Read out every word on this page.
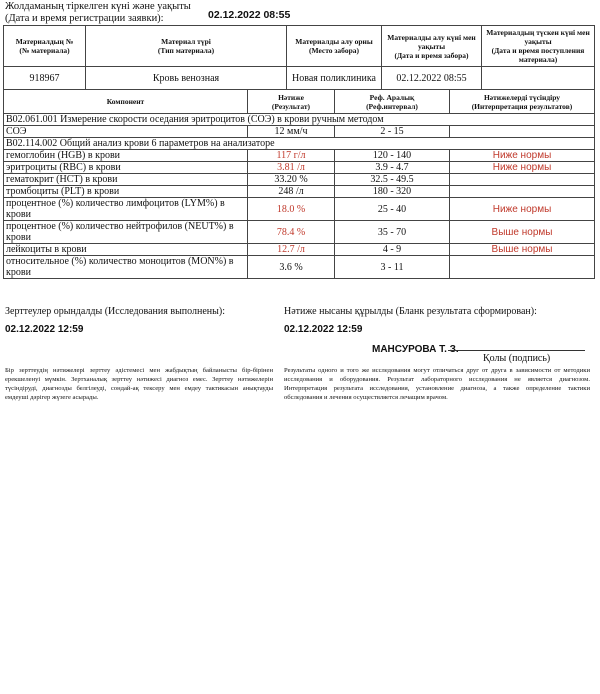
Жолдаманың тіркелген күні және уақыты
(Дата и время регистрации заявки):	02.12.2022 08:55
Материалдың №
(№ материала)	Материал түрі
(Тип материала)	Материалды алу орны
(Место забора)	Материалды алу күні мен уақыты
(Дата и время забора)	Материалдың түскен күні мен уақыты
(Дата и время поступления материала)
918967	Кровь венозная	Новая поликлиника	02.12.2022 08:55	
Компонент	Нәтиже
(Результат)	Реф. Аралық
(Реф.интервал)	Нәтижелерді түсіндіру
(Интерпретация результатов)
B02.061.001 Измерение скорости оседания эритроцитов (СОЭ) в крови ручным методом			
СОЭ	12 мм/ч	2 - 15	
B02.114.002 Общий анализ крови 6 параметров на анализаторе			
гемоглобин (HGB) в крови	117 г/л	120 - 140	Ниже нормы
эритроциты (RBC) в крови	3.81 /л	3.9 - 4.7	Ниже нормы
гематокрит (HCT) в крови	33.20 %	32.5 - 49.5	
тромбоциты (PLT) в крови	248 /л	180 - 320	
процентное (%) количество лимфоцитов (LYM%) в крови	18.0 %	25 - 40	Ниже нормы
процентное (%) количество нейтрофилов (NEUT%) в крови	78.4 %	35 - 70	Выше нормы
лейкоциты в крови	12.7 /л	4 - 9	Выше нормы
относительное (%) количество моноцитов (MON%) в крови	3.6 %	3 - 11	
Зерттеулер орындалды (Исследования выполнены):
02.12.2022 12:59
Нәтиже нысаны құрылды (Бланк результата сформирован):
02.12.2022 12:59
МАНСУРОВА Т. З.
Қолы (подпись)
Бір зерттеудің нәтижелері зерттеу әдістемесі мен жабдықтың байланысты бір-бірінен ерекшеленуі мүмкін. Зертханалық зерттеу нәтижесі диагноз емес. Зерттеу нәтижелерін түсіндіруді, диагнозды белгілеуді, сондай-ақ тексеру мен емдеу тактикасын анықтауды емдеуші дәрігер жүзеге асырады.
Результаты одного и того же исследования могут отличаться друг от друга в зависимости от методики исследования и оборудования. Результат лабораторного исследования не является диагнозом. Интерпретация результата исследования, установление диагноза, а также определение тактики обследования и лечения осуществляется лечащим врачом.
